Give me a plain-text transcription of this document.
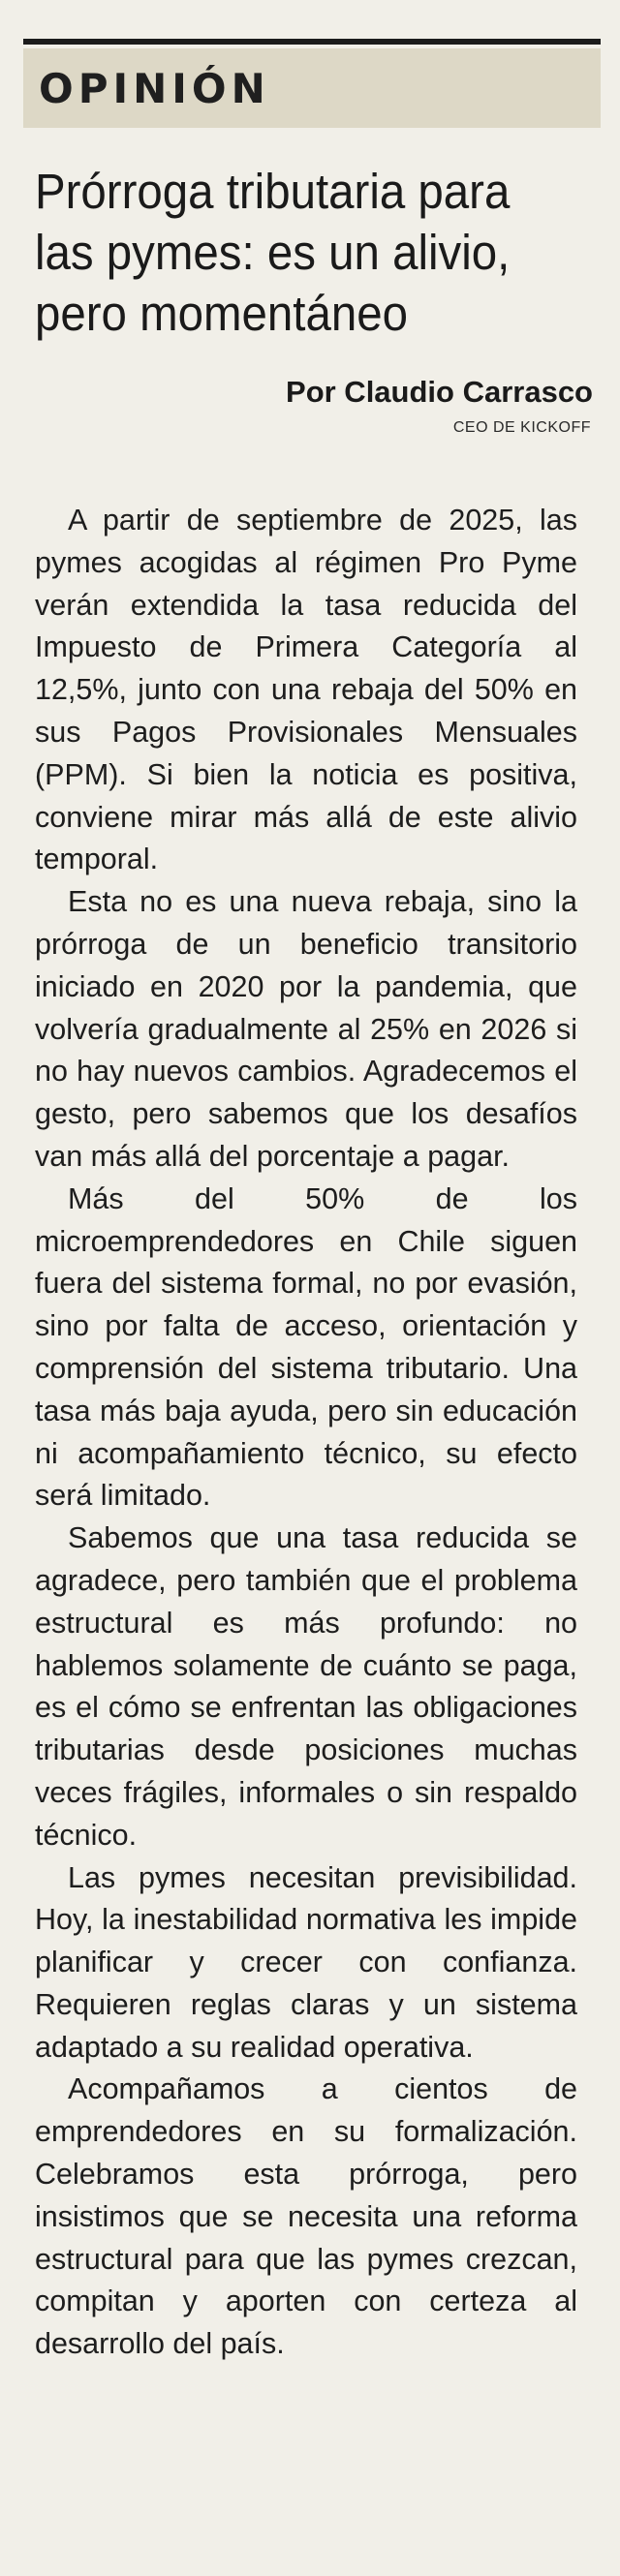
OPINIÓN
Prórroga tributaria para las pymes: es un alivio, pero momentáneo

Por Claudio Carrasco

CEO DE KICKOFF

A partir de septiembre de 2025, las pymes acogidas al régimen Pro Pyme verán extendida la tasa reducida del Impuesto de Primera Categoría al 12,5%, junto con una rebaja del 50% en sus Pagos Provisionales Mensuales (PPM). Si bien la noticia es positiva, conviene mirar más allá de este alivio temporal.

Esta no es una nueva rebaja, sino la prórroga de un beneficio transitorio iniciado en 2020 por la pandemia, que volvería gradualmente al 25% en 2026 si no hay nuevos cambios. Agradecemos el gesto, pero sabemos que los desafíos van más allá del porcentaje a pagar.

Más del 50% de los microemprendedores en Chile siguen fuera del sistema formal, no por evasión, sino por falta de acceso, orientación y comprensión del sistema tributario. Una tasa más baja ayuda, pero sin educación ni acompañamiento técnico, su efecto será limitado.

Sabemos que una tasa reducida se agradece, pero también que el problema estructural es más profundo: no hablemos solamente de cuánto se paga, es el cómo se enfrentan las obligaciones tributarias desde posiciones muchas veces frágiles, informales o sin respaldo técnico.

Las pymes necesitan previsibilidad. Hoy, la inestabilidad normativa les impide planificar y crecer con confianza. Requieren reglas claras y un sistema adaptado a su realidad operativa.

Acompañamos a cientos de emprendedores en su formalización. Celebramos esta prórroga, pero insistimos que se necesita una reforma estructural para que las pymes crezcan, compitan y aporten con certeza al desarrollo del país.
